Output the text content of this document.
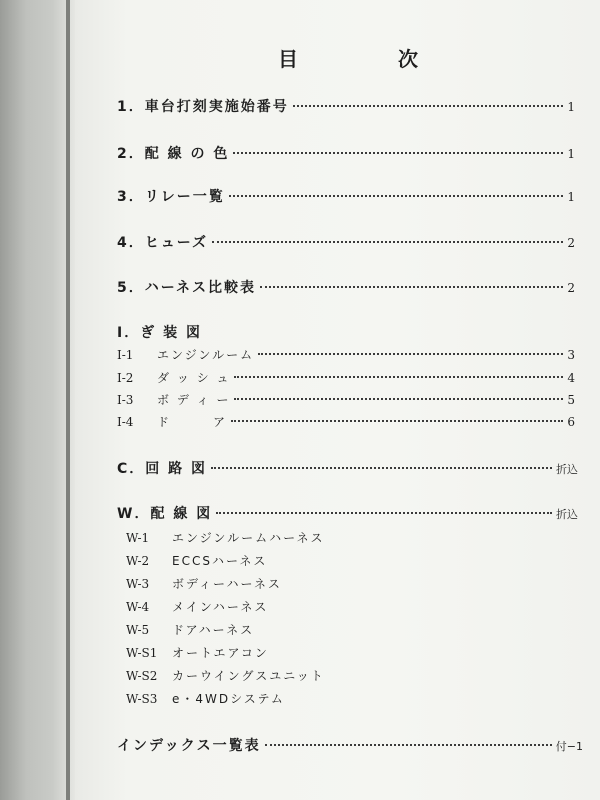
目	次
1．車台打刻実施始番号	1
2．配 線 の 色	1
3．リレー一覧	1
4．ヒューズ	2
5．ハーネス比較表	2
I．ぎ 装 図
I-1	エンジンルーム	3
I-2	ダ ッ シ ュ	4
I-3	ボ デ ィ ー	5
I-4	ド　　　ア	6
C．回 路 図	折込
W．配 線 図	折込
W-1	エンジンルームハーネス
W-2	ECCSハーネス
W-3	ボディーハーネス
W-4	メインハーネス
W-5	ドアハーネス
W-S1	オートエアコン
W-S2	カーウイングスユニット
W-S3	e・4WDシステム
インデックス一覧表	付−1
